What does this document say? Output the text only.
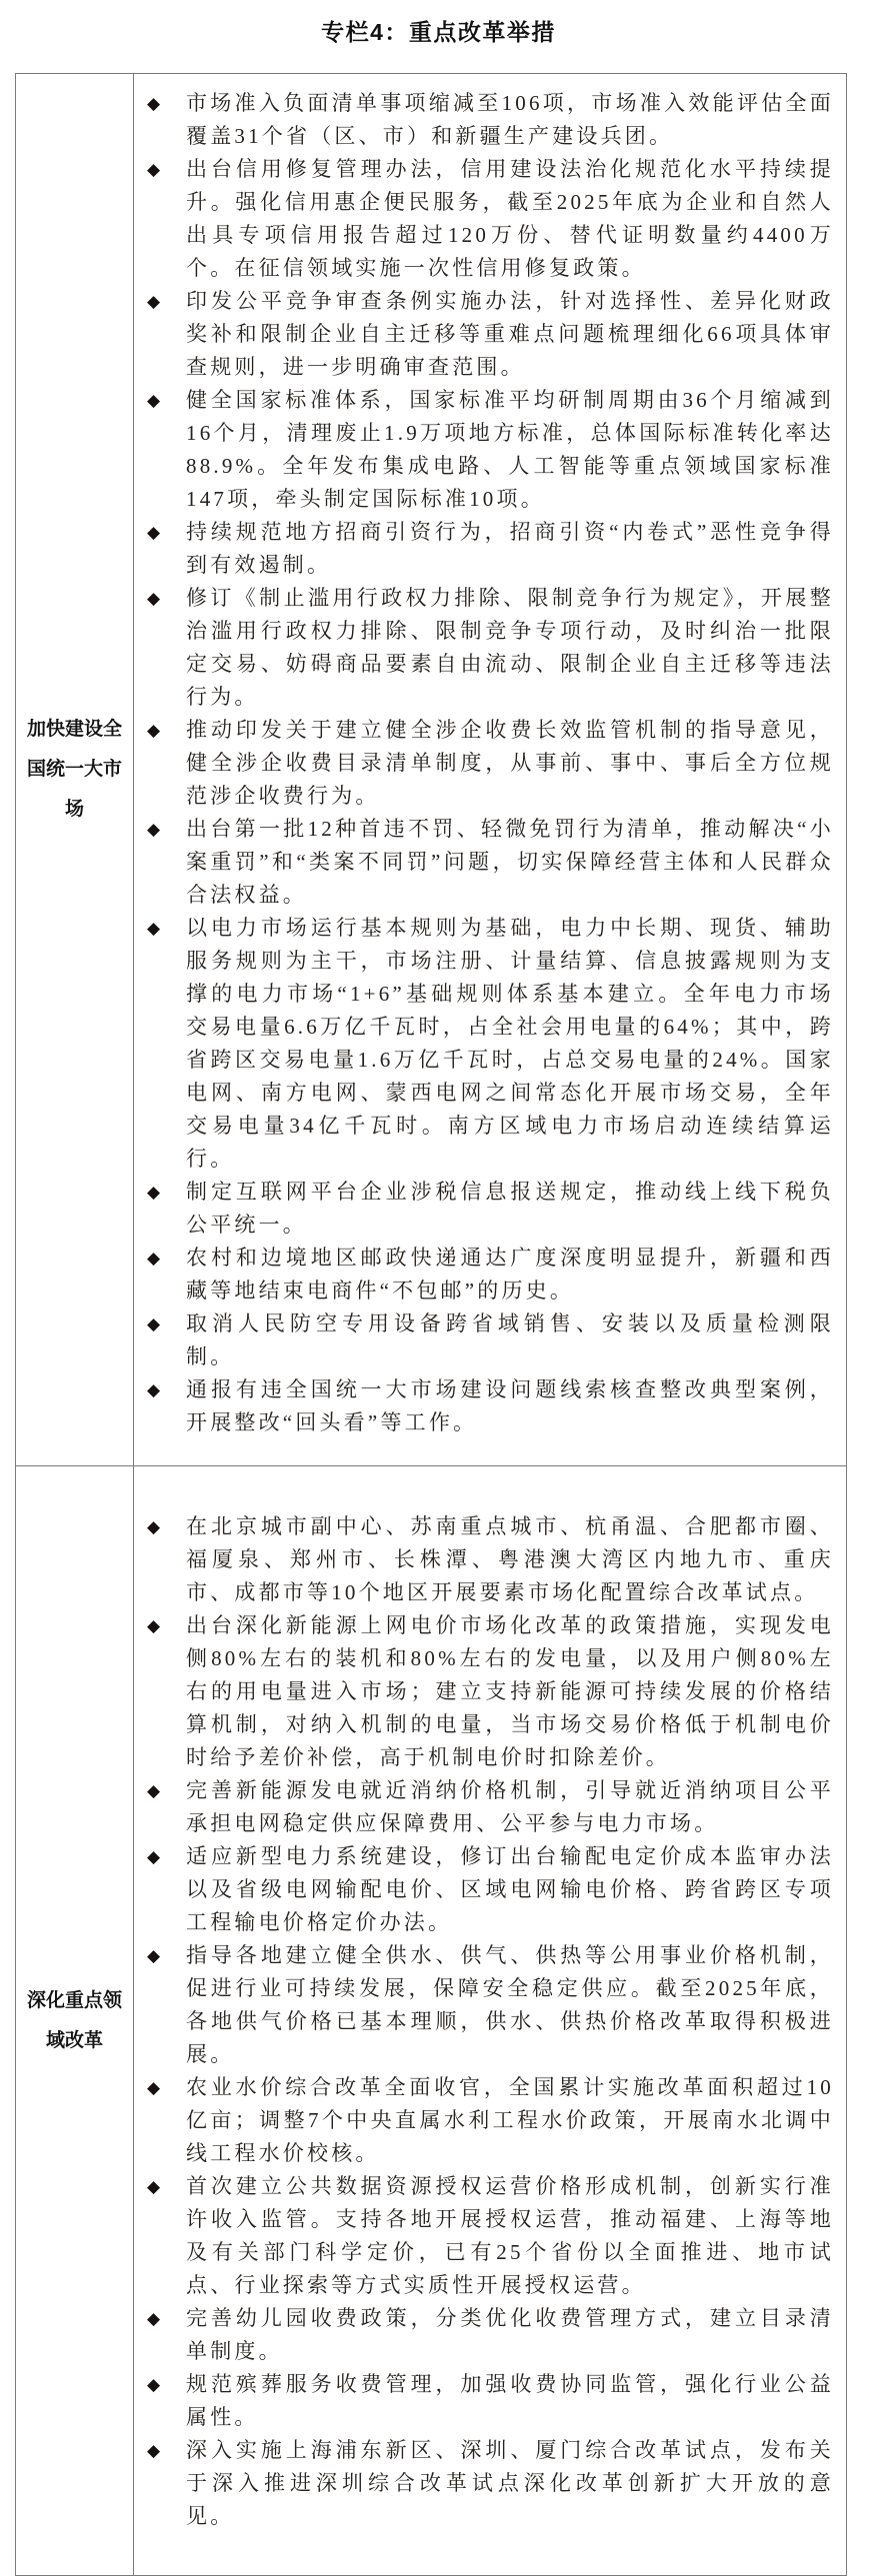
专栏4：重点改革举措
加快建设全国统一大市场
◆ 市场准入负面清单事项缩减至106项，市场准入效能评估全面覆盖31个省（区、市）和新疆生产建设兵团。
◆ 出台信用修复管理办法，信用建设法治化规范化水平持续提升。强化信用惠企便民服务，截至2025年底为企业和自然人出具专项信用报告超过120万份、替代证明数量约4400万个。在征信领域实施一次性信用修复政策。
◆ 印发公平竞争审查条例实施办法，针对选择性、差异化财政奖补和限制企业自主迁移等重难点问题梳理细化66项具体审查规则，进一步明确审查范围。
◆ 健全国家标准体系，国家标准平均研制周期由36个月缩减到16个月，清理废止1.9万项地方标准，总体国际标准转化率达88.9%。全年发布集成电路、人工智能等重点领域国家标准147项，牵头制定国际标准10项。
◆ 持续规范地方招商引资行为，招商引资“内卷式”恶性竞争得到有效遏制。
◆ 修订《制止滥用行政权力排除、限制竞争行为规定》，开展整治滥用行政权力排除、限制竞争专项行动，及时纠治一批限定交易、妨碍商品要素自由流动、限制企业自主迁移等违法行为。
◆ 推动印发关于建立健全涉企收费长效监管机制的指导意见，健全涉企收费目录清单制度，从事前、事中、事后全方位规范涉企收费行为。
◆ 出台第一批12种首违不罚、轻微免罚行为清单，推动解决“小案重罚”和“类案不同罚”问题，切实保障经营主体和人民群众合法权益。
◆ 以电力市场运行基本规则为基础，电力中长期、现货、辅助服务规则为主干，市场注册、计量结算、信息披露规则为支撑的电力市场“1+6”基础规则体系基本建立。全年电力市场交易电量6.6万亿千瓦时，占全社会用电量的64%；其中，跨省跨区交易电量1.6万亿千瓦时，占总交易电量的24%。国家电网、南方电网、蒙西电网之间常态化开展市场交易，全年交易电量34亿千瓦时。南方区域电力市场启动连续结算运行。
◆ 制定互联网平台企业涉税信息报送规定，推动线上线下税负公平统一。
◆ 农村和边境地区邮政快递通达广度深度明显提升，新疆和西藏等地结束电商件“不包邮”的历史。
◆ 取消人民防空专用设备跨省域销售、安装以及质量检测限制。
◆ 通报有违全国统一大市场建设问题线索核查整改典型案例，开展整改“回头看”等工作。
深化重点领域改革
◆ 在北京城市副中心、苏南重点城市、杭甬温、合肥都市圈、福厦泉、郑州市、长株潭、粤港澳大湾区内地九市、重庆市、成都市等10个地区开展要素市场化配置综合改革试点。
◆ 出台深化新能源上网电价市场化改革的政策措施，实现发电侧80%左右的装机和80%左右的发电量，以及用户侧80%左右的用电量进入市场；建立支持新能源可持续发展的价格结算机制，对纳入机制的电量，当市场交易价格低于机制电价时给予差价补偿，高于机制电价时扣除差价。
◆ 完善新能源发电就近消纳价格机制，引导就近消纳项目公平承担电网稳定供应保障费用、公平参与电力市场。
◆ 适应新型电力系统建设，修订出台输配电定价成本监审办法以及省级电网输配电价、区域电网输电价格、跨省跨区专项工程输电价格定价办法。
◆ 指导各地建立健全供水、供气、供热等公用事业价格机制，促进行业可持续发展，保障安全稳定供应。截至2025年底，各地供气价格已基本理顺，供水、供热价格改革取得积极进展。
◆ 农业水价综合改革全面收官，全国累计实施改革面积超过10亿亩；调整7个中央直属水利工程水价政策，开展南水北调中线工程水价校核。
◆ 首次建立公共数据资源授权运营价格形成机制，创新实行准许收入监管。支持各地开展授权运营，推动福建、上海等地及有关部门科学定价，已有25个省份以全面推进、地市试点、行业探索等方式实质性开展授权运营。
◆ 完善幼儿园收费政策，分类优化收费管理方式，建立目录清单制度。
◆ 规范殡葬服务收费管理，加强收费协同监管，强化行业公益属性。
◆ 深入实施上海浦东新区、深圳、厦门综合改革试点，发布关于深入推进深圳综合改革试点深化改革创新扩大开放的意见。
